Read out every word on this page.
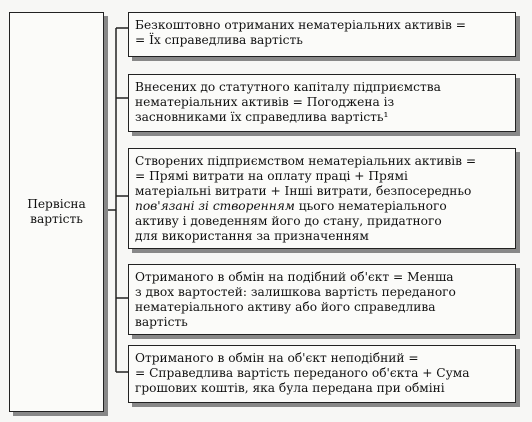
Первісна
вартість
Безкоштовно отриманих нематеріальних активів =
= Їх справедлива вартість
Внесених до статутного капіталу підприємства
нематеріальних активів = Погоджена із
засновниками їх справедлива вартість¹
Створених підприємством нематеріальних активів =
= Прямі витрати на оплату праці + Прямі
матеріальні витрати + Інші витрати, безпосередньо
пов'язані зі створенням цього нематеріального
активу і доведенням його до стану, придатного
для використання за призначенням
Отриманого в обмін на подібний об'єкт = Менша
з двох вартостей: залишкова вартість переданого
нематеріального активу або його справедлива
вартість
Отриманого в обмін на об'єкт неподібний =
= Справедлива вартість переданого об'єкта + Сума
грошових коштів, яка була передана при обміні
